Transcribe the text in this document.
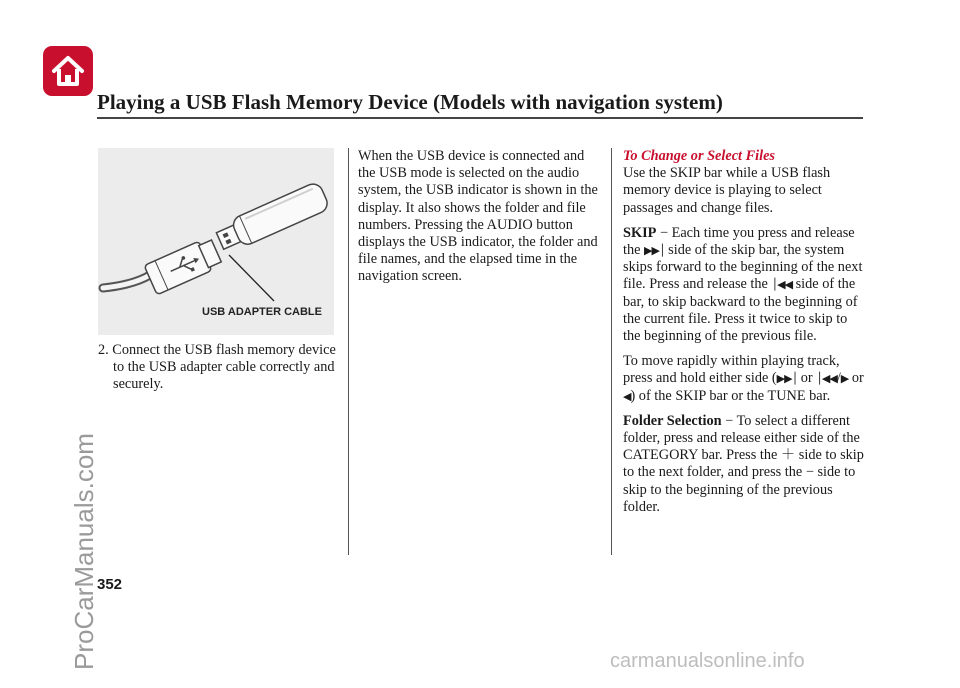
Playing a USB Flash Memory Device (Models with navigation system)
ProCarManuals.com
USB ADAPTER CABLE

2. Connect the USB flash memory device to the USB adapter cable correctly and securely.

When the USB device is connected and the USB mode is selected on the audio system, the USB indicator is shown in the display. It also shows the folder and file numbers. Pressing the AUDIO button displays the USB indicator, the folder and file names, and the elapsed time in the navigation screen.

To Change or Select Files
Use the SKIP bar while a USB flash memory device is playing to select passages and change files.

SKIP − Each time you press and release the ▶▶│ side of the skip bar, the system skips forward to the beginning of the next file. Press and release the │◀◀ side of the bar, to skip backward to the beginning of the current file. Press it twice to skip to the beginning of the previous file.

To move rapidly within playing track, press and hold either side (▶▶│ or │◀◀/▶ or ◀) of the SKIP bar or the TUNE bar.

Folder Selection − To select a different folder, press and release either side of the CATEGORY bar. Press the ＋ side to skip to the next folder, and press the − side to skip to the beginning of the previous folder.

352

carmanualsonline.info
